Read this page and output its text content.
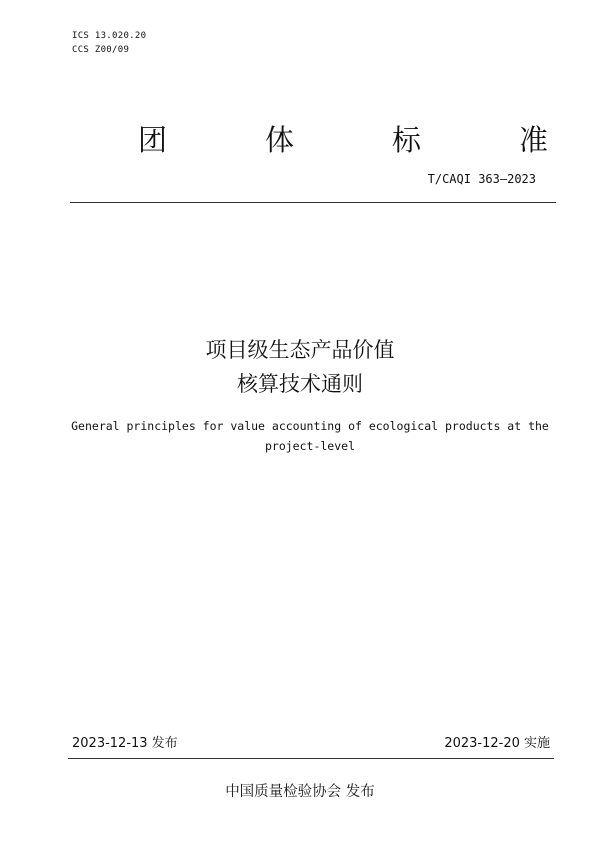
ICS 13.020.20
CCS Z00/09
团	体	标	准
T/CAQI 363—2023
项目级生态产品价值
核算技术通则
General principles for value accounting of ecological products at the project-level
2023-12-13 发布	2023-12-20 实施
中国质量检验协会 发布
